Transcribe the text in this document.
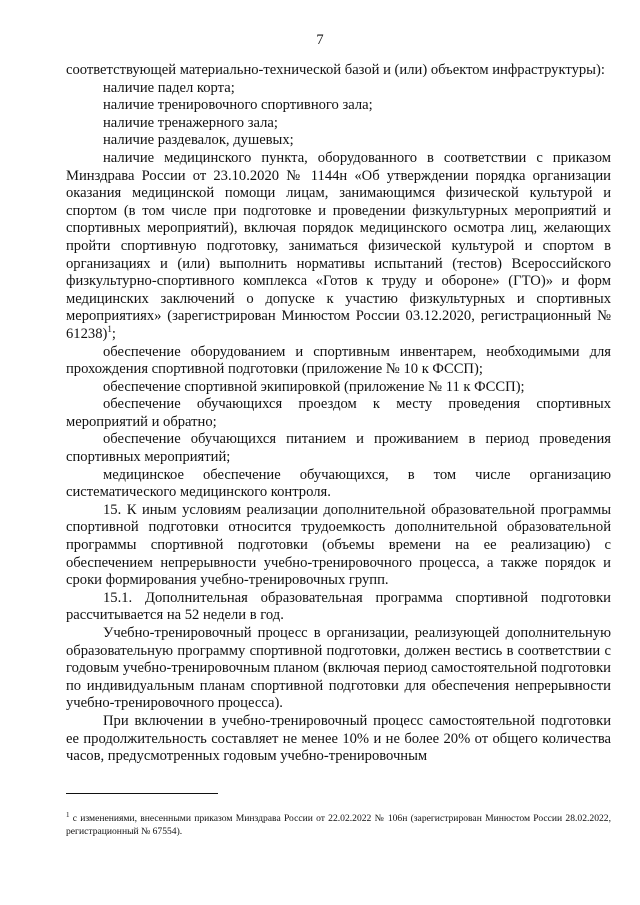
7

соответствующей материально-технической базой и (или) объектом инфраструктуры):

наличие падел корта;

наличие тренировочного спортивного зала;

наличие тренажерного зала;

наличие раздевалок, душевых;

наличие медицинского пункта, оборудованного в соответствии с приказом Минздрава России от 23.10.2020 № 1144н «Об утверждении порядка организации оказания медицинской помощи лицам, занимающимся физической культурой и спортом (в том числе при подготовке и проведении физкультурных мероприятий и спортивных мероприятий), включая порядок медицинского осмотра лиц, желающих пройти спортивную подготовку, заниматься физической культурой и спортом в организациях и (или) выполнить нормативы испытаний (тестов) Всероссийского физкультурно-спортивного комплекса «Готов к труду и обороне» (ГТО)» и форм медицинских заключений о допуске к участию физкультурных и спортивных мероприятиях» (зарегистрирован Минюстом России 03.12.2020, регистрационный № 61238)$^1$;

обеспечение оборудованием и спортивным инвентарем, необходимыми для прохождения спортивной подготовки (приложение № 10 к ФССП);

обеспечение спортивной экипировкой (приложение № 11 к ФССП);

обеспечение обучающихся проездом к месту проведения спортивных мероприятий и обратно;

обеспечение обучающихся питанием и проживанием в период проведения спортивных мероприятий;

медицинское обеспечение обучающихся, в том числе организацию систематического медицинского контроля.

15. К иным условиям реализации дополнительной образовательной программы спортивной подготовки относится трудоемкость дополнительной образовательной программы спортивной подготовки (объемы времени на ее реализацию) с обеспечением непрерывности учебно-тренировочного процесса, а также порядок и сроки формирования учебно-тренировочных групп.

15.1. Дополнительная образовательная программа спортивной подготовки рассчитывается на 52 недели в год.

Учебно-тренировочный процесс в организации, реализующей дополнительную образовательную программу спортивной подготовки, должен вестись в соответствии с годовым учебно-тренировочным планом (включая период самостоятельной подготовки по индивидуальным планам спортивной подготовки для обеспечения непрерывности учебно-тренировочного процесса).

При включении в учебно-тренировочный процесс самостоятельной подготовки ее продолжительность составляет не менее 10% и не более 20% от общего количества часов, предусмотренных годовым учебно-тренировочным

$^1$ с изменениями, внесенными приказом Минздрава России от 22.02.2022 № 106н (зарегистрирован Минюстом России 28.02.2022, регистрационный № 67554).
